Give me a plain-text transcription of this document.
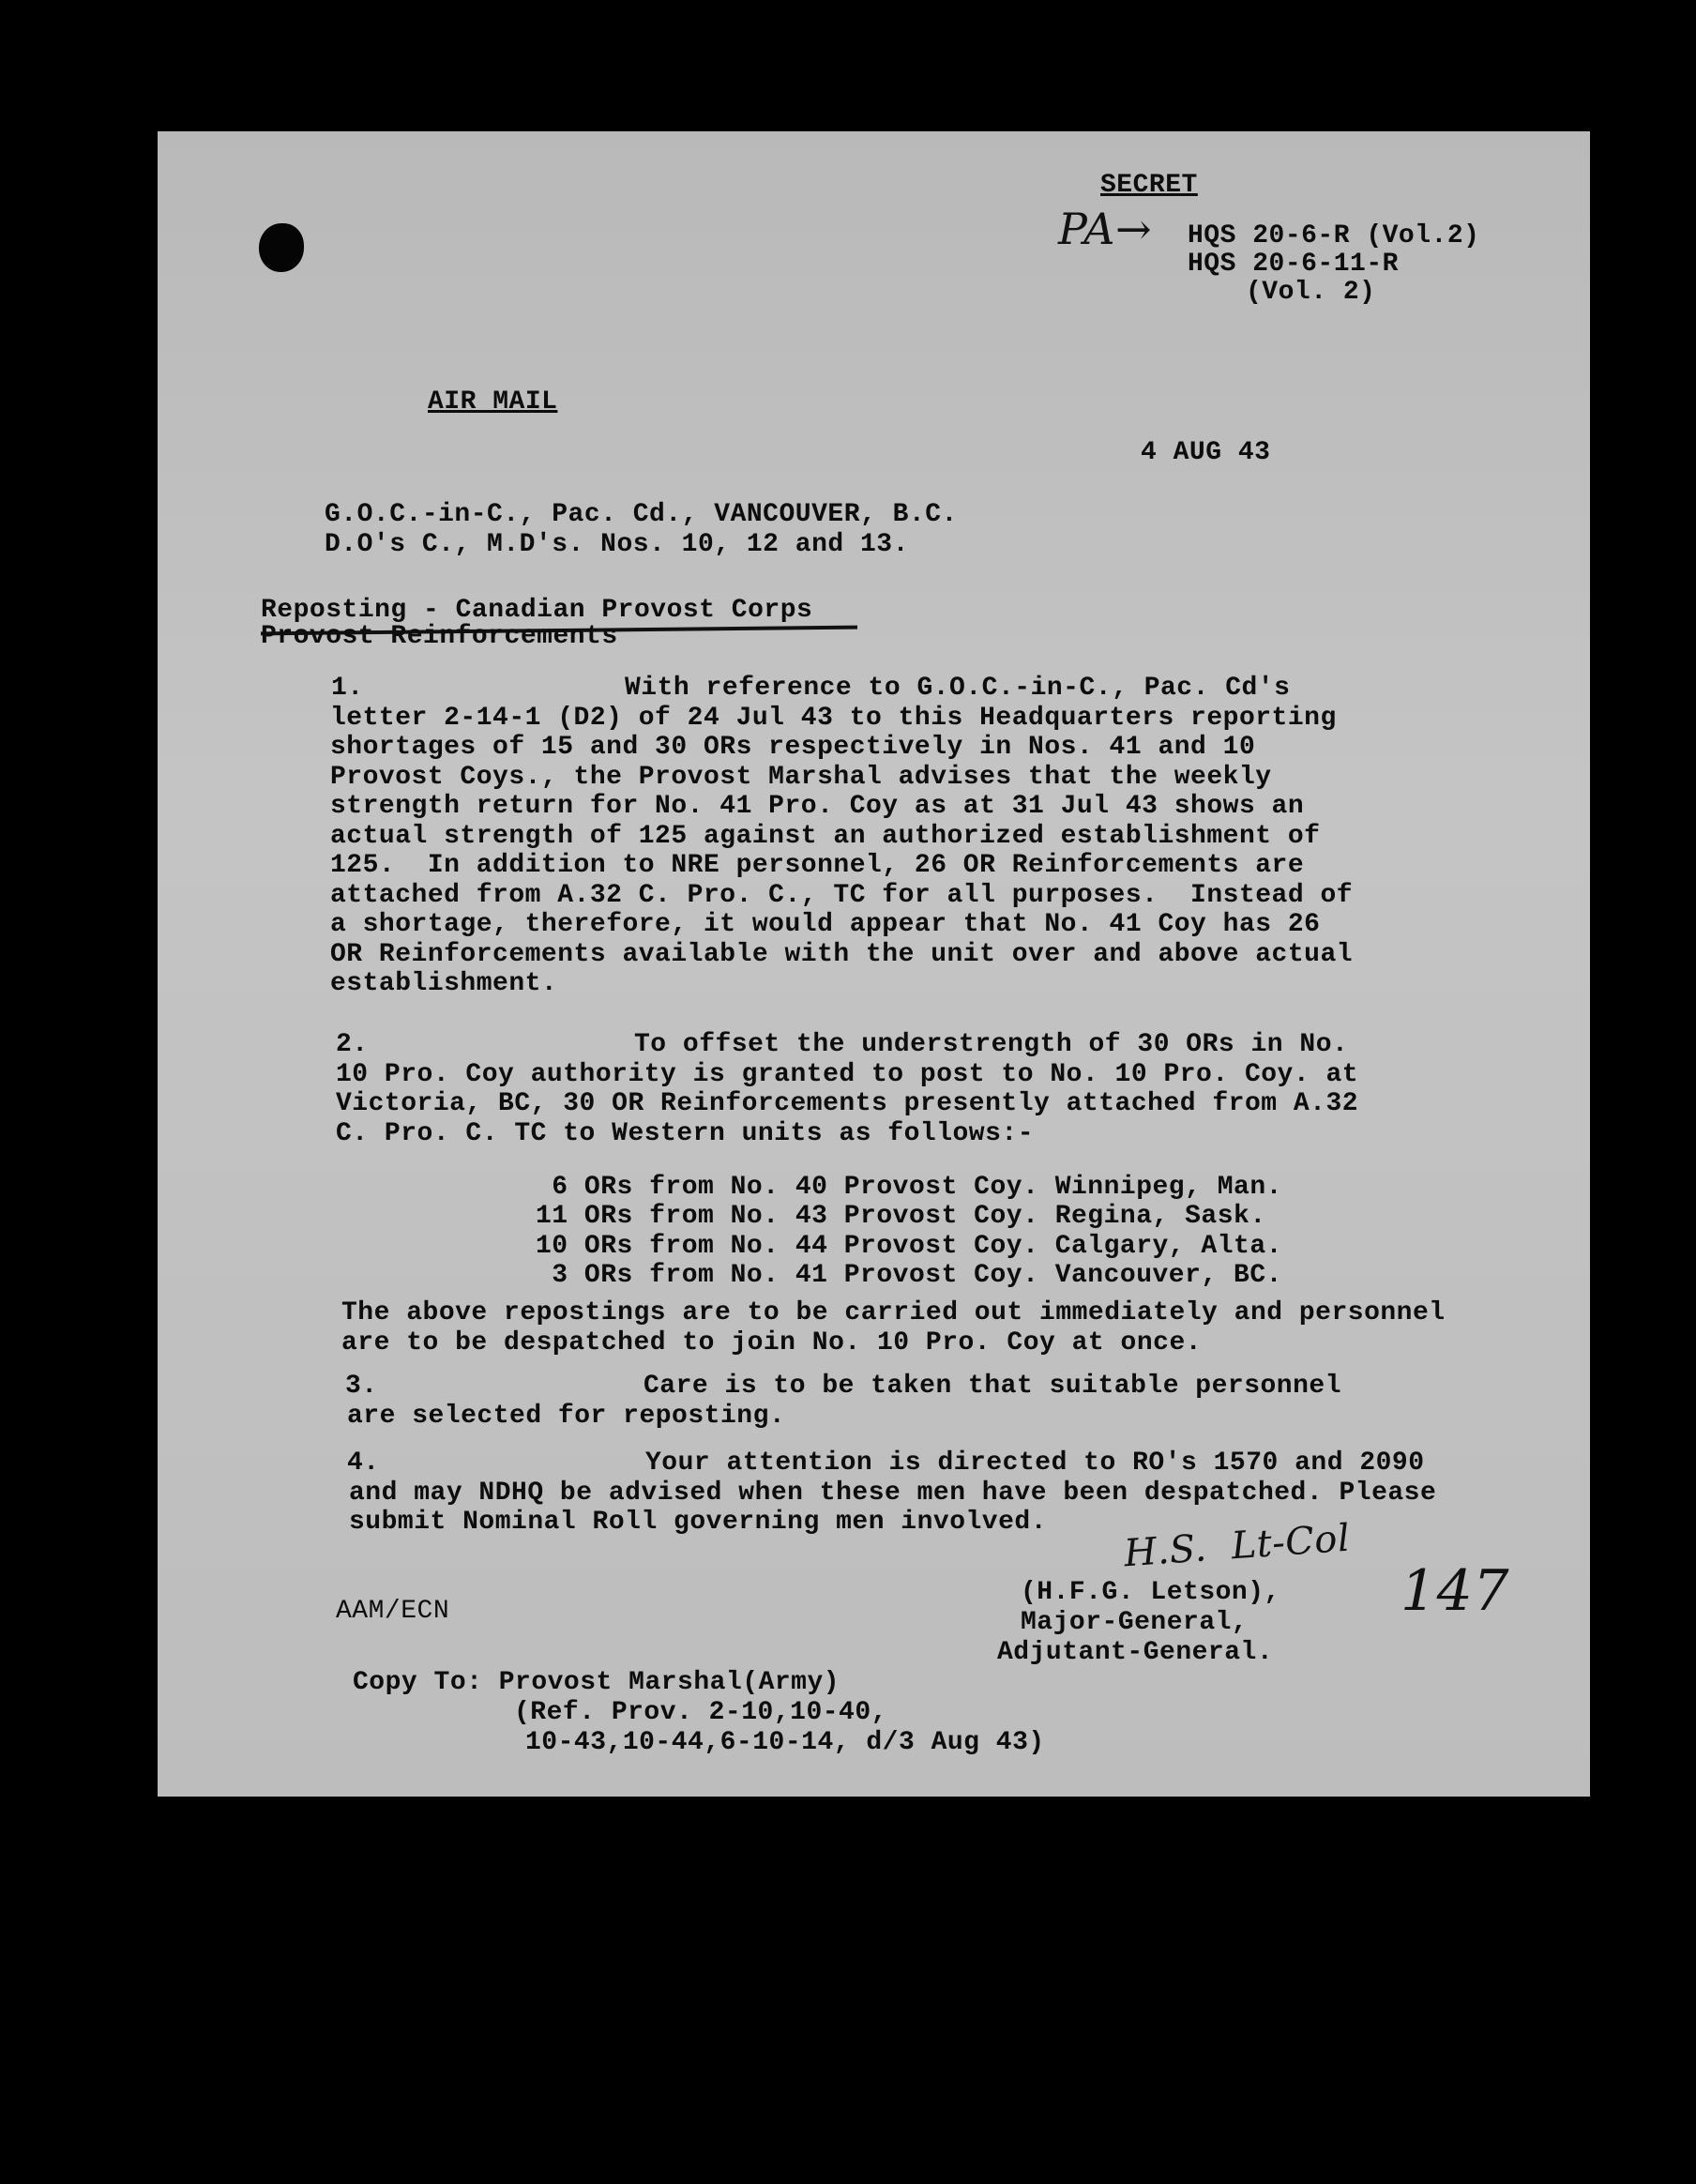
SECRET
PA→ HQS 20-6-R (Vol.2)
HQS 20-6-11-R
(Vol. 2)
AIR MAIL
4 AUG 43
G.O.C.-in-C., Pac. Cd., VANCOUVER, B.C.
D.O's C., M.D's. Nos. 10, 12 and 13.
Reposting - Canadian Provost Corps
Provost Reinforcements
1.	With reference to G.O.C.-in-C., Pac. Cd's
letter 2-14-1 (D2) of 24 Jul 43 to this Headquarters reporting
shortages of 15 and 30 ORs respectively in Nos. 41 and 10
Provost Coys., the Provost Marshal advises that the weekly
strength return for No. 41 Pro. Coy as at 31 Jul 43 shows an
actual strength of 125 against an authorized establishment of
125.  In addition to NRE personnel, 26 OR Reinforcements are
attached from A.32 C. Pro. C., TC for all purposes.  Instead of
a shortage, therefore, it would appear that No. 41 Coy has 26
OR Reinforcements available with the unit over and above actual
establishment.
2.	To offset the understrength of 30 ORs in No.
10 Pro. Coy authority is granted to post to No. 10 Pro. Coy. at
Victoria, BC, 30 OR Reinforcements presently attached from A.32
C. Pro. C. TC to Western units as follows:-
6 ORs from No. 40 Provost Coy. Winnipeg, Man.
11 ORs from No. 43 Provost Coy. Regina, Sask.
10 ORs from No. 44 Provost Coy. Calgary, Alta.
3 ORs from No. 41 Provost Coy. Vancouver, BC.
The above repostings are to be carried out immediately and personnel
are to be despatched to join No. 10 Pro. Coy at once.
3.	Care is to be taken that suitable personnel
are selected for reposting.
4.	Your attention is directed to RO's 1570 and 2090
and may NDHQ be advised when these men have been despatched. Please
submit Nominal Roll governing men involved.
AAM/ECN
H.S.  Lt-Col
(H.F.G. Letson),
Major-General,
Adjutant-General.
147
Copy To: Provost Marshal(Army)
(Ref. Prov. 2-10,10-40,
10-43,10-44,6-10-14, d/3 Aug 43)
